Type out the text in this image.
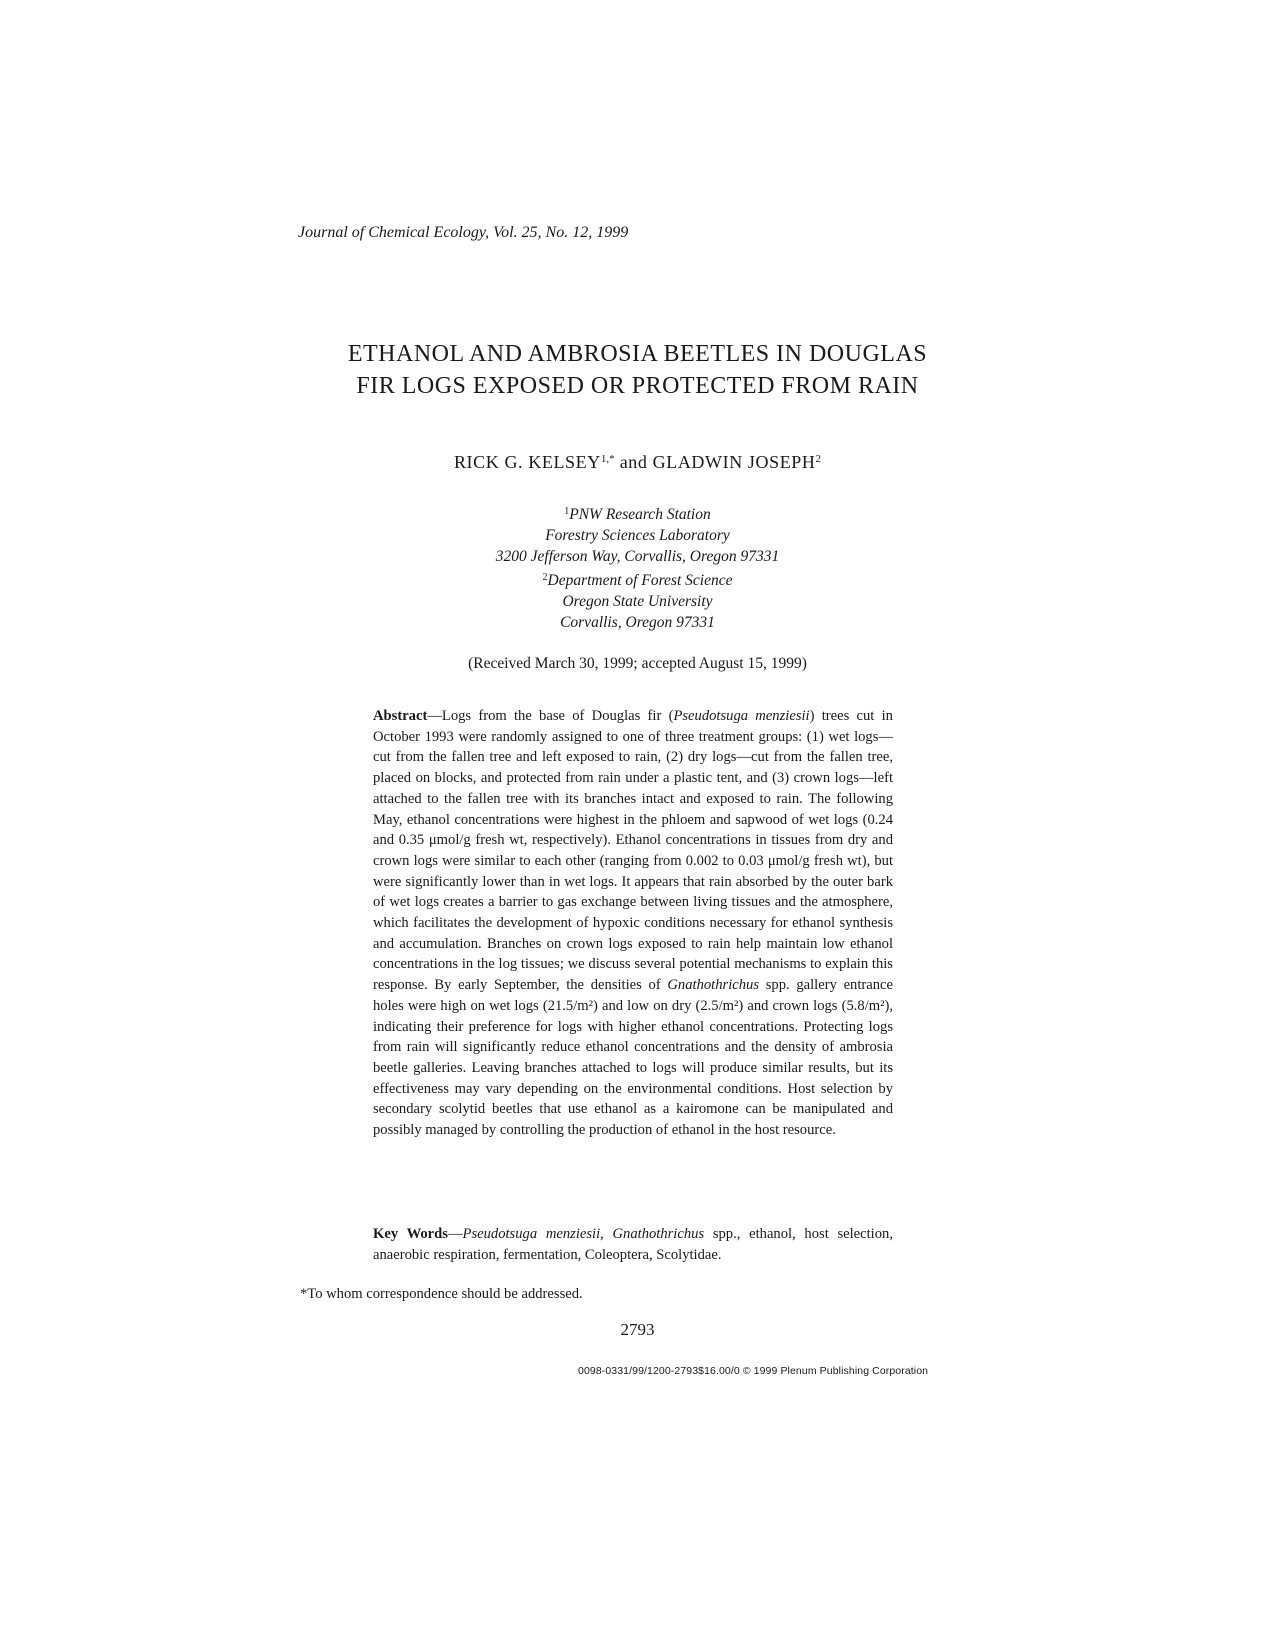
Journal of Chemical Ecology, Vol. 25, No. 12, 1999
ETHANOL AND AMBROSIA BEETLES IN DOUGLAS
FIR LOGS EXPOSED OR PROTECTED FROM RAIN
RICK G. $KELSEY^{1,*}$ and GLADWIN JOSEPH$^2$
$^1$PNW Research Station
Forestry Sciences Laboratory
3200 Jefferson Way, Corvallis, Oregon 97331
$^2$Department of Forest Science
Oregon State University
Corvallis, Oregon 97331
(Received March 30, 1999; accepted August 15, 1999)
Abstract—Logs from the base of Douglas fir (Pseudotsuga menziesii) trees cut in October 1993 were randomly assigned to one of three treatment groups: (1) wet logs—cut from the fallen tree and left exposed to rain, (2) dry logs—cut from the fallen tree, placed on blocks, and protected from rain under a plastic tent, and (3) crown logs—left attached to the fallen tree with its branches intact and exposed to rain. The following May, ethanol concentrations were highest in the phloem and sapwood of wet logs (0.24 and 0.35 μmol/g fresh wt, respectively). Ethanol concentrations in tissues from dry and crown logs were similar to each other (ranging from 0.002 to 0.03 μmol/g fresh wt), but were significantly lower than in wet logs. It appears that rain absorbed by the outer bark of wet logs creates a barrier to gas exchange between living tissues and the atmosphere, which facilitates the development of hypoxic conditions necessary for ethanol synthesis and accumulation. Branches on crown logs exposed to rain help maintain low ethanol concentrations in the log tissues; we discuss several potential mechanisms to explain this response. By early September, the densities of Gnathothrichus spp. gallery entrance holes were high on wet logs (21.5/m²) and low on dry (2.5/m²) and crown logs (5.8/m²), indicating their preference for logs with higher ethanol concentrations. Protecting logs from rain will significantly reduce ethanol concentrations and the density of ambrosia beetle galleries. Leaving branches attached to logs will produce similar results, but its effectiveness may vary depending on the environmental conditions. Host selection by secondary scolytid beetles that use ethanol as a kairomone can be manipulated and possibly managed by controlling the production of ethanol in the host resource.
Key Words—Pseudotsuga menziesii, Gnathothrichus spp., ethanol, host selection, anaerobic respiration, fermentation, Coleoptera, Scolytidae.
*To whom correspondence should be addressed.
2793
0098-0331/99/1200-2793$16.00/0 © 1999 Plenum Publishing Corporation
